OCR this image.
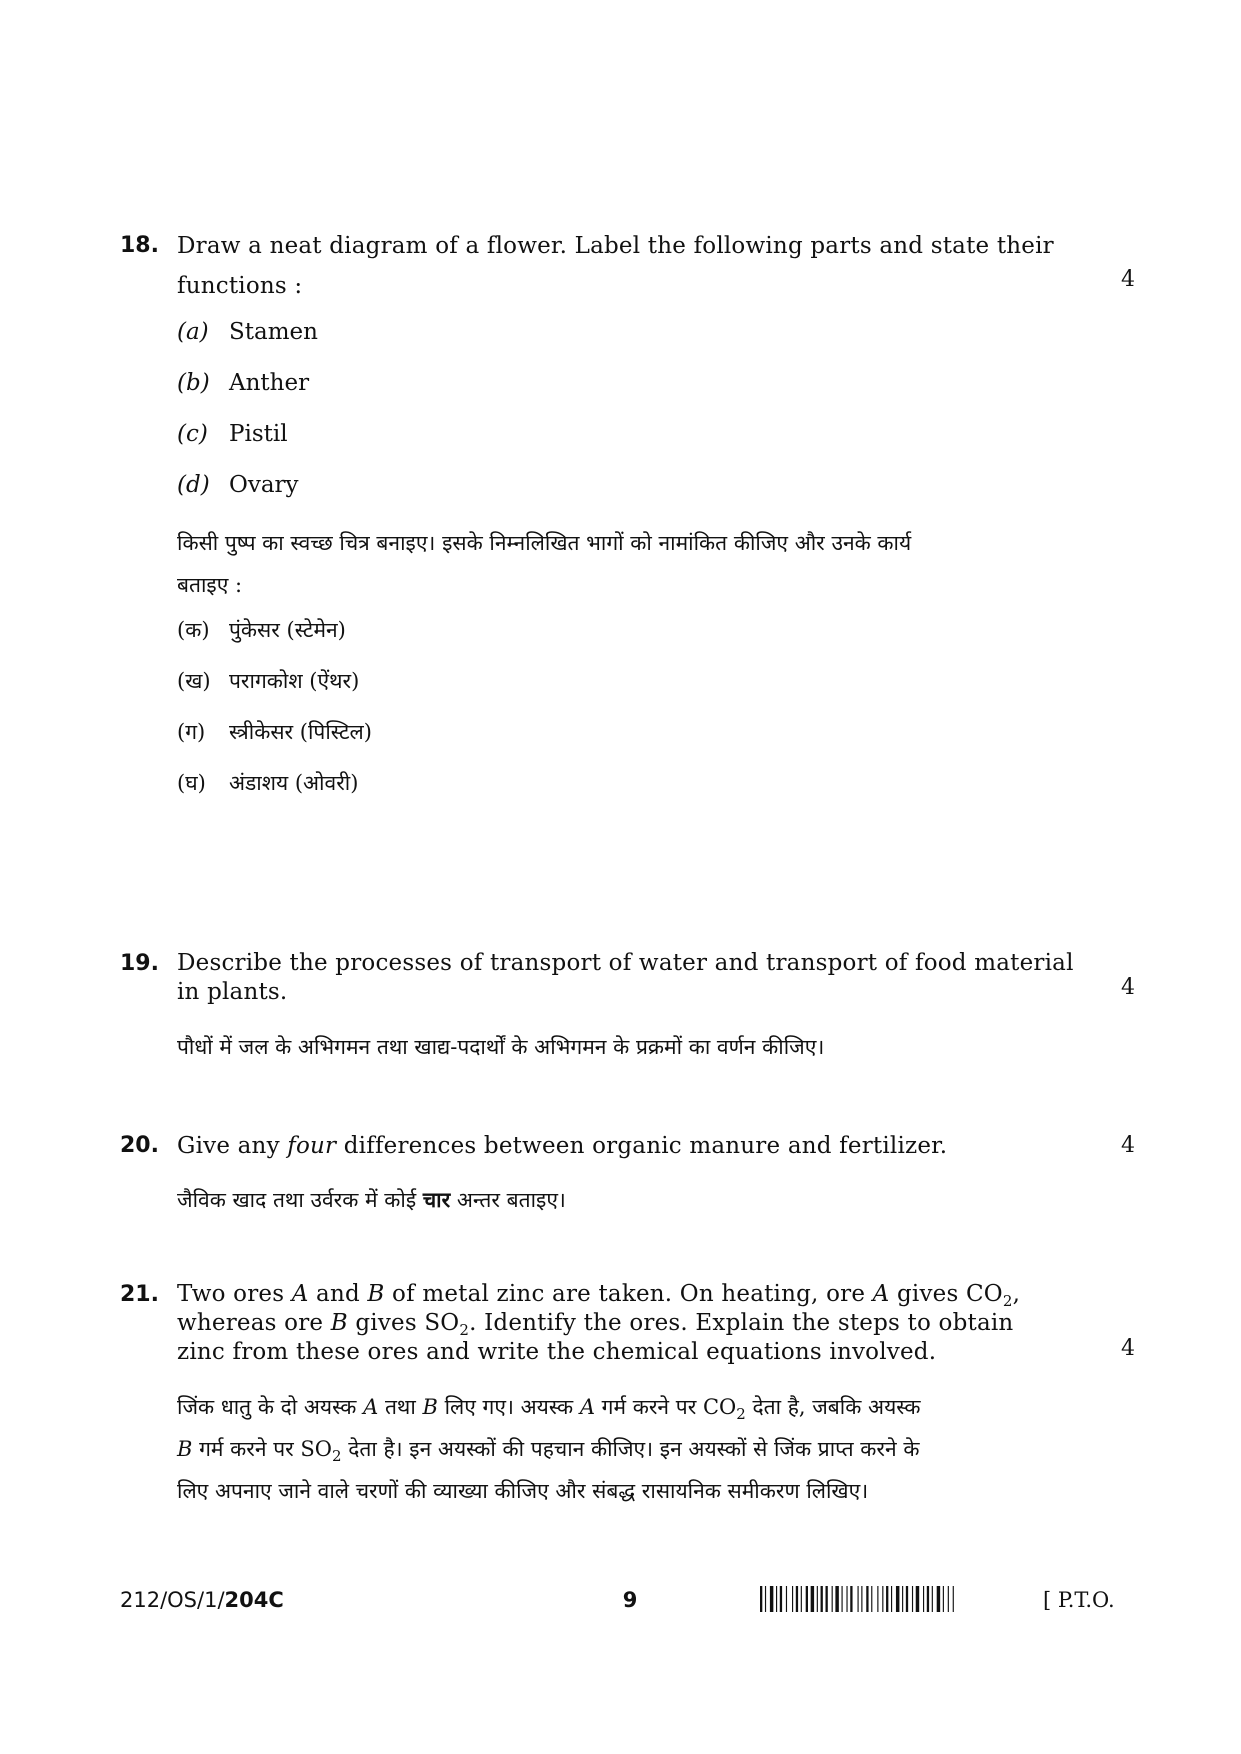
18. Draw a neat diagram of a flower. Label the following parts and state their
functions :	4
(a) Stamen
(b) Anther
(c) Pistil
(d) Ovary
किसी पुष्प का स्वच्छ चित्र बनाइए। इसके निम्नलिखित भागों को नामांकित कीजिए और उनके कार्य
बताइए :
(क) पुंकेसर (स्टेमेन)
(ख) परागकोश (ऐंथर)
(ग) स्त्रीकेसर (पिस्टिल)
(घ) अंडाशय (ओवरी)
19. Describe the processes of transport of water and transport of food material
in plants.	4
पौधों में जल के अभिगमन तथा खाद्य-पदार्थों के अभिगमन के प्रक्रमों का वर्णन कीजिए।
20. Give any four differences between organic manure and fertilizer.	4
जैविक खाद तथा उर्वरक में कोई चार अन्तर बताइए।
21. Two ores A and B of metal zinc are taken. On heating, ore A gives $CO_2$,
whereas ore B gives $SO_2$. Identify the ores. Explain the steps to obtain
zinc from these ores and write the chemical equations involved.	4
जिंक धातु के दो अयस्क A तथा B लिए गए। अयस्क A गर्म करने पर $CO_2$ देता है, जबकि अयस्क
B गर्म करने पर $SO_2$ देता है। इन अयस्कों की पहचान कीजिए। इन अयस्कों से जिंक प्राप्त करने के
लिए अपनाए जाने वाले चरणों की व्याख्या कीजिए और संबद्ध रासायनिक समीकरण लिखिए।
212/OS/1/204C	9	[ P.T.O.
